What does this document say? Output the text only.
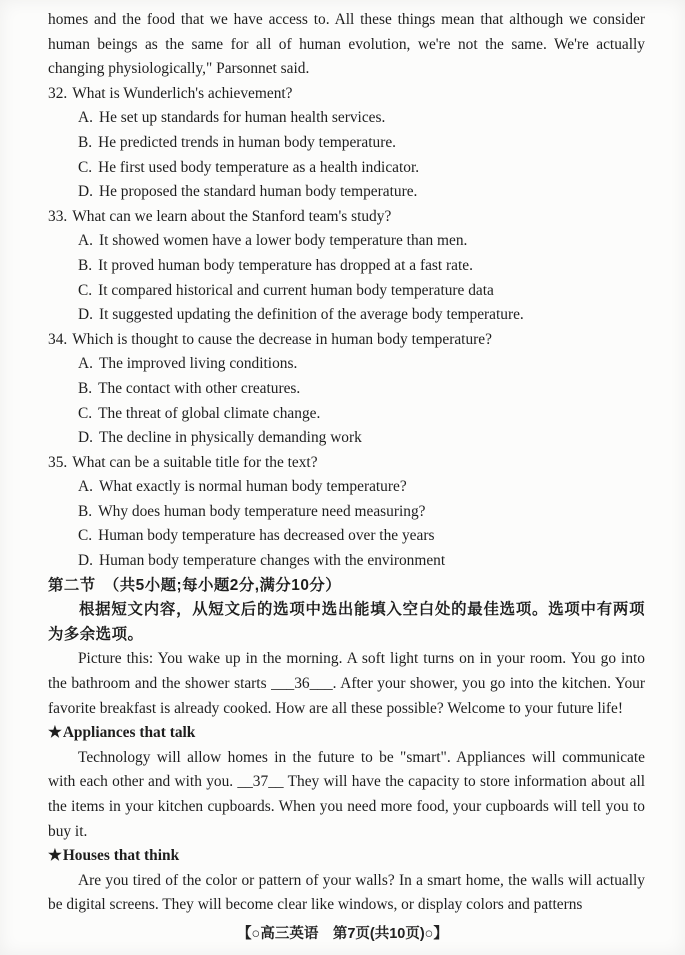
homes and the food that we have access to. All these things mean that although we consider human beings as the same for all of human evolution, we're not the same. We're actually changing physiologically," Parsonnet said.

32. What is Wunderlich's achievement?
A. He set up standards for human health services.
B. He predicted trends in human body temperature.
C. He first used body temperature as a health indicator.
D. He proposed the standard human body temperature.
33. What can we learn about the Stanford team's study?
A. It showed women have a lower body temperature than men.
B. It proved human body temperature has dropped at a fast rate.
C. It compared historical and current human body temperature data
D. It suggested updating the definition of the average body temperature.
34. Which is thought to cause the decrease in human body temperature?
A. The improved living conditions.
B. The contact with other creatures.
C. The threat of global climate change.
D. The decline in physically demanding work
35. What can be a suitable title for the text?
A. What exactly is normal human body temperature?
B. Why does human body temperature need measuring?
C. Human body temperature has decreased over the years
D. Human body temperature changes with the environment

第二节　（共5小题;每小题2分,满分10分）

根据短文内容，从短文后的选项中选出能填入空白处的最佳选项。选项中有两项为多余选项。

Picture this: You wake up in the morning. A soft light turns on in your room. You go into the bathroom and the shower starts ___36___. After your shower, you go into the kitchen. Your favorite breakfast is already cooked. How are all these possible? Welcome to your future life!

★Appliances that talk

Technology will allow homes in the future to be "smart". Appliances will communicate with each other and with you. __37__ They will have the capacity to store information about all the items in your kitchen cupboards. When you need more food, your cupboards will tell you to buy it.

★Houses that think

Are you tired of the color or pattern of your walls? In a smart home, the walls will actually be digital screens. They will become clear like windows, or display colors and patterns

【○高三英语　第7页(共10页)○】
